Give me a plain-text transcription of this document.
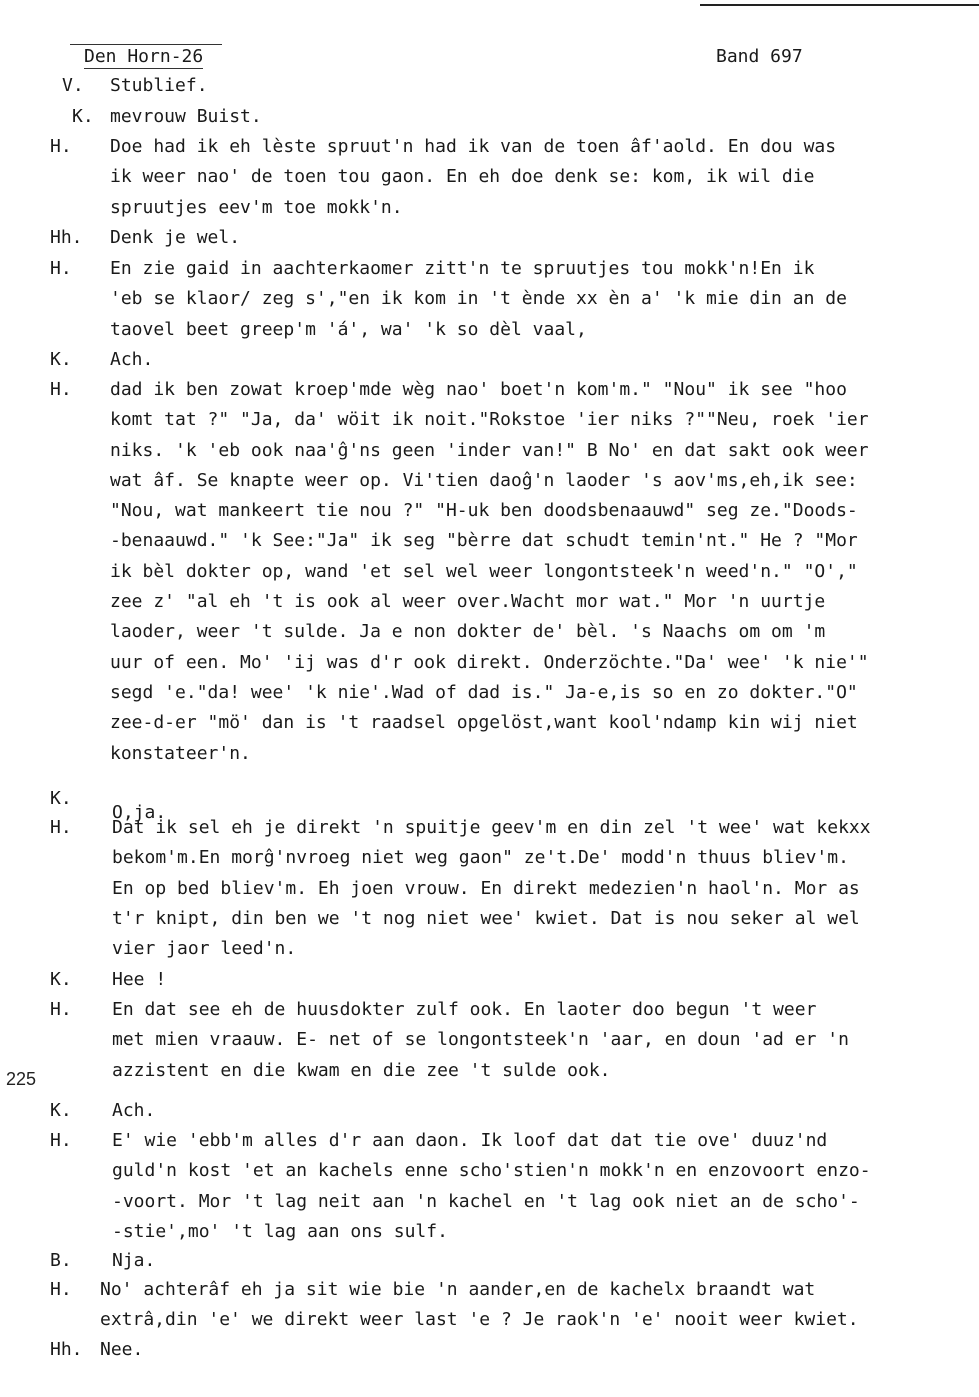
Den Horn-26	Band 697
225
V. Stublief.
K. mevrouw Buist.
H. Doe had ik eh lèste spruut'n had ik van de toen âf'aold. En dou was
ik weer nao' de toen tou gaon. En eh doe denk se: kom, ik wil die
spruutjes eev'm toe mokk'n.
Hh. Denk je wel.
H. En zie gaid in aachterkaomer zitt'n te spruutjes tou mokk'n!En ik
'eb se klaor/ zeg s',"en ik kom in 't ènde xx èn a' 'k mie din an de
taovel beet greep'm 'á', wa' 'k so dèl vaal,
K. Ach.
H. dad ik ben zowat kroep'mde wèg nao' boet'n kom'm." "Nou" ik see "hoo
komt tat ?" "Ja, da' wöit ik noit."Rokstoe 'ier niks ?""Neu, roek 'ier
niks. 'k 'eb ook naa'ĝ'ns geen 'inder van!" B No' en dat sakt ook weer
wat âf. Se knapte weer op. Vi'tien daoĝ'n laoder 's aov'ms,eh,ik see:
"Nou, wat mankeert tie nou ?" "H-uk ben doodsbenaauwd" seg ze."Doods-
-benaauwd." 'k See:"Ja" ik seg "bèrre dat schudt temin'nt." He ? "Mor
ik bèl dokter op, wand 'et sel wel weer longontsteek'n weed'n." "O',"
zee z' "al eh 't is ook al weer over.Wacht mor wat." Mor 'n uurtje
laoder, weer 't sulde. Ja e non dokter de' bèl. 's Naachs om om 'm
uur of een. Mo' 'ij was d'r ook direkt. Onderzöchte."Da' wee' 'k nie'"
segd 'e."da! wee' 'k nie'.Wad of dad is." Ja-e,is so en zo dokter."O"
zee-d-er "mö' dan is 't raadsel opgelöst,want kool'ndamp kin wij niet
konstateer'n.
K.
O,ja.
H. Dat ik sel eh je direkt 'n spuitje geev'm en din zel 't wee' wat kekxx
bekom'm.En morĝ'nvroeg niet weg gaon" ze't.De' modd'n thuus bliev'm.
En op bed bliev'm. Eh joen vrouw. En direkt medezien'n haol'n. Mor as
t'r knipt, din ben we 't nog niet wee' kwiet. Dat is nou seker al wel
vier jaor leed'n.
K. Hee !
H. En dat see eh de huusdokter zulf ook. En laoter doo begun 't weer
met mien vraauw. E- net of se longontsteek'n 'aar, en doun 'ad er 'n
azzistent en die kwam en die zee 't sulde ook.
K. Ach.
H. E' wie 'ebb'm alles d'r aan daon. Ik loof dat dat tie ove' duuz'nd
guld'n kost 'et an kachels enne scho'stien'n mokk'n en enzovoort enzo-
-voort. Mor 't lag neit aan 'n kachel en 't lag ook niet an de scho'-
-stie',mo' 't lag aan ons sulf.
B. Nja.
H. No' achterâf eh ja sit wie bie 'n aander,en de kachelx braandt wat
extrâ,din 'e' we direkt weer last 'e ? Je raok'n 'e' nooit weer kwiet.
Hh. Nee.
